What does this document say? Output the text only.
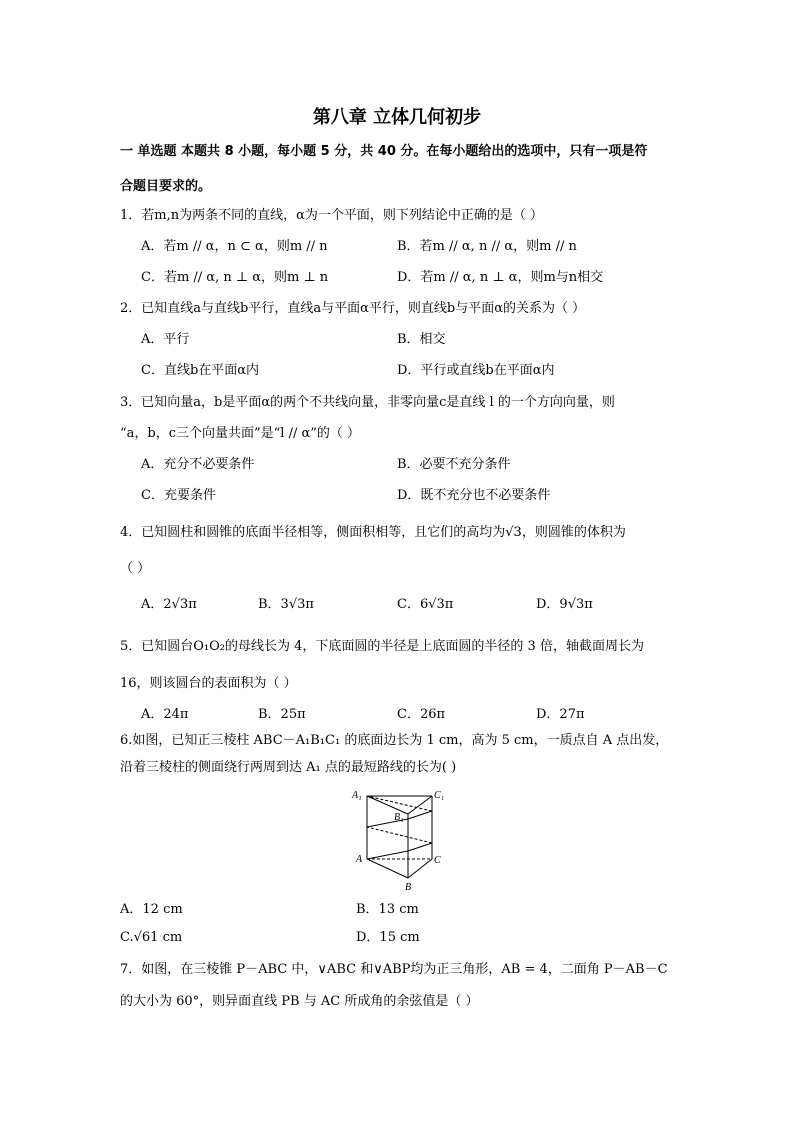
第八章 立体几何初步
一 单选题 本题共 8 小题，每小题 5 分，共 40 分。在每小题给出的选项中，只有一项是符
合题目要求的。
1．若m,n为两条不同的直线，α为一个平面，则下列结论中正确的是（ ）
A．若m // α，n ⊂ α，则m // n	B．若m // α, n // α，则m // n
C．若m // α, n ⊥ α，则m ⊥ n	D．若m // α, n ⊥ α，则m与n相交
2．已知直线a与直线b平行，直线a与平面α平行，则直线b与平面α的关系为（ ）
A．平行	B．相交
C．直线b在平面α内	D．平行或直线b在平面α内
3．已知向量a，b是平面α的两个不共线向量，非零向量c是直线 l 的一个方向向量，则
“a，b，c三个向量共面”是“l // α”的（ ）
A．充分不必要条件	B．必要不充分条件
C．充要条件	D．既不充分也不必要条件
4．已知圆柱和圆锥的底面半径相等，侧面积相等，且它们的高均为√3，则圆锥的体积为
（ ）
A．2√3π	B．3√3π	C．6√3π	D．9√3π
5．已知圆台O₁O₂的母线长为 4，下底面圆的半径是上底面圆的半径的 3 倍，轴截面周长为
16，则该圆台的表面积为（ ）
A．24π	B．25π	C．26π	D．27π
6.如图，已知正三棱柱 ABC－A₁B₁C₁ 的底面边长为 1 cm，高为 5 cm，一质点自 A 点出发，
沿着三棱柱的侧面绕行两周到达 A₁ 点的最短路线的长为( )
A₁	C₁
B₁
A	C
B
A．12 cm	B．13 cm
C.√61 cm	D．15 cm
7．如图，在三棱锥 P－ABC 中，∨ABC 和∨ABP均为正三角形，AB = 4，二面角 P－AB－C
的大小为 60°，则异面直线 PB 与 AC 所成角的余弦值是（ ）
